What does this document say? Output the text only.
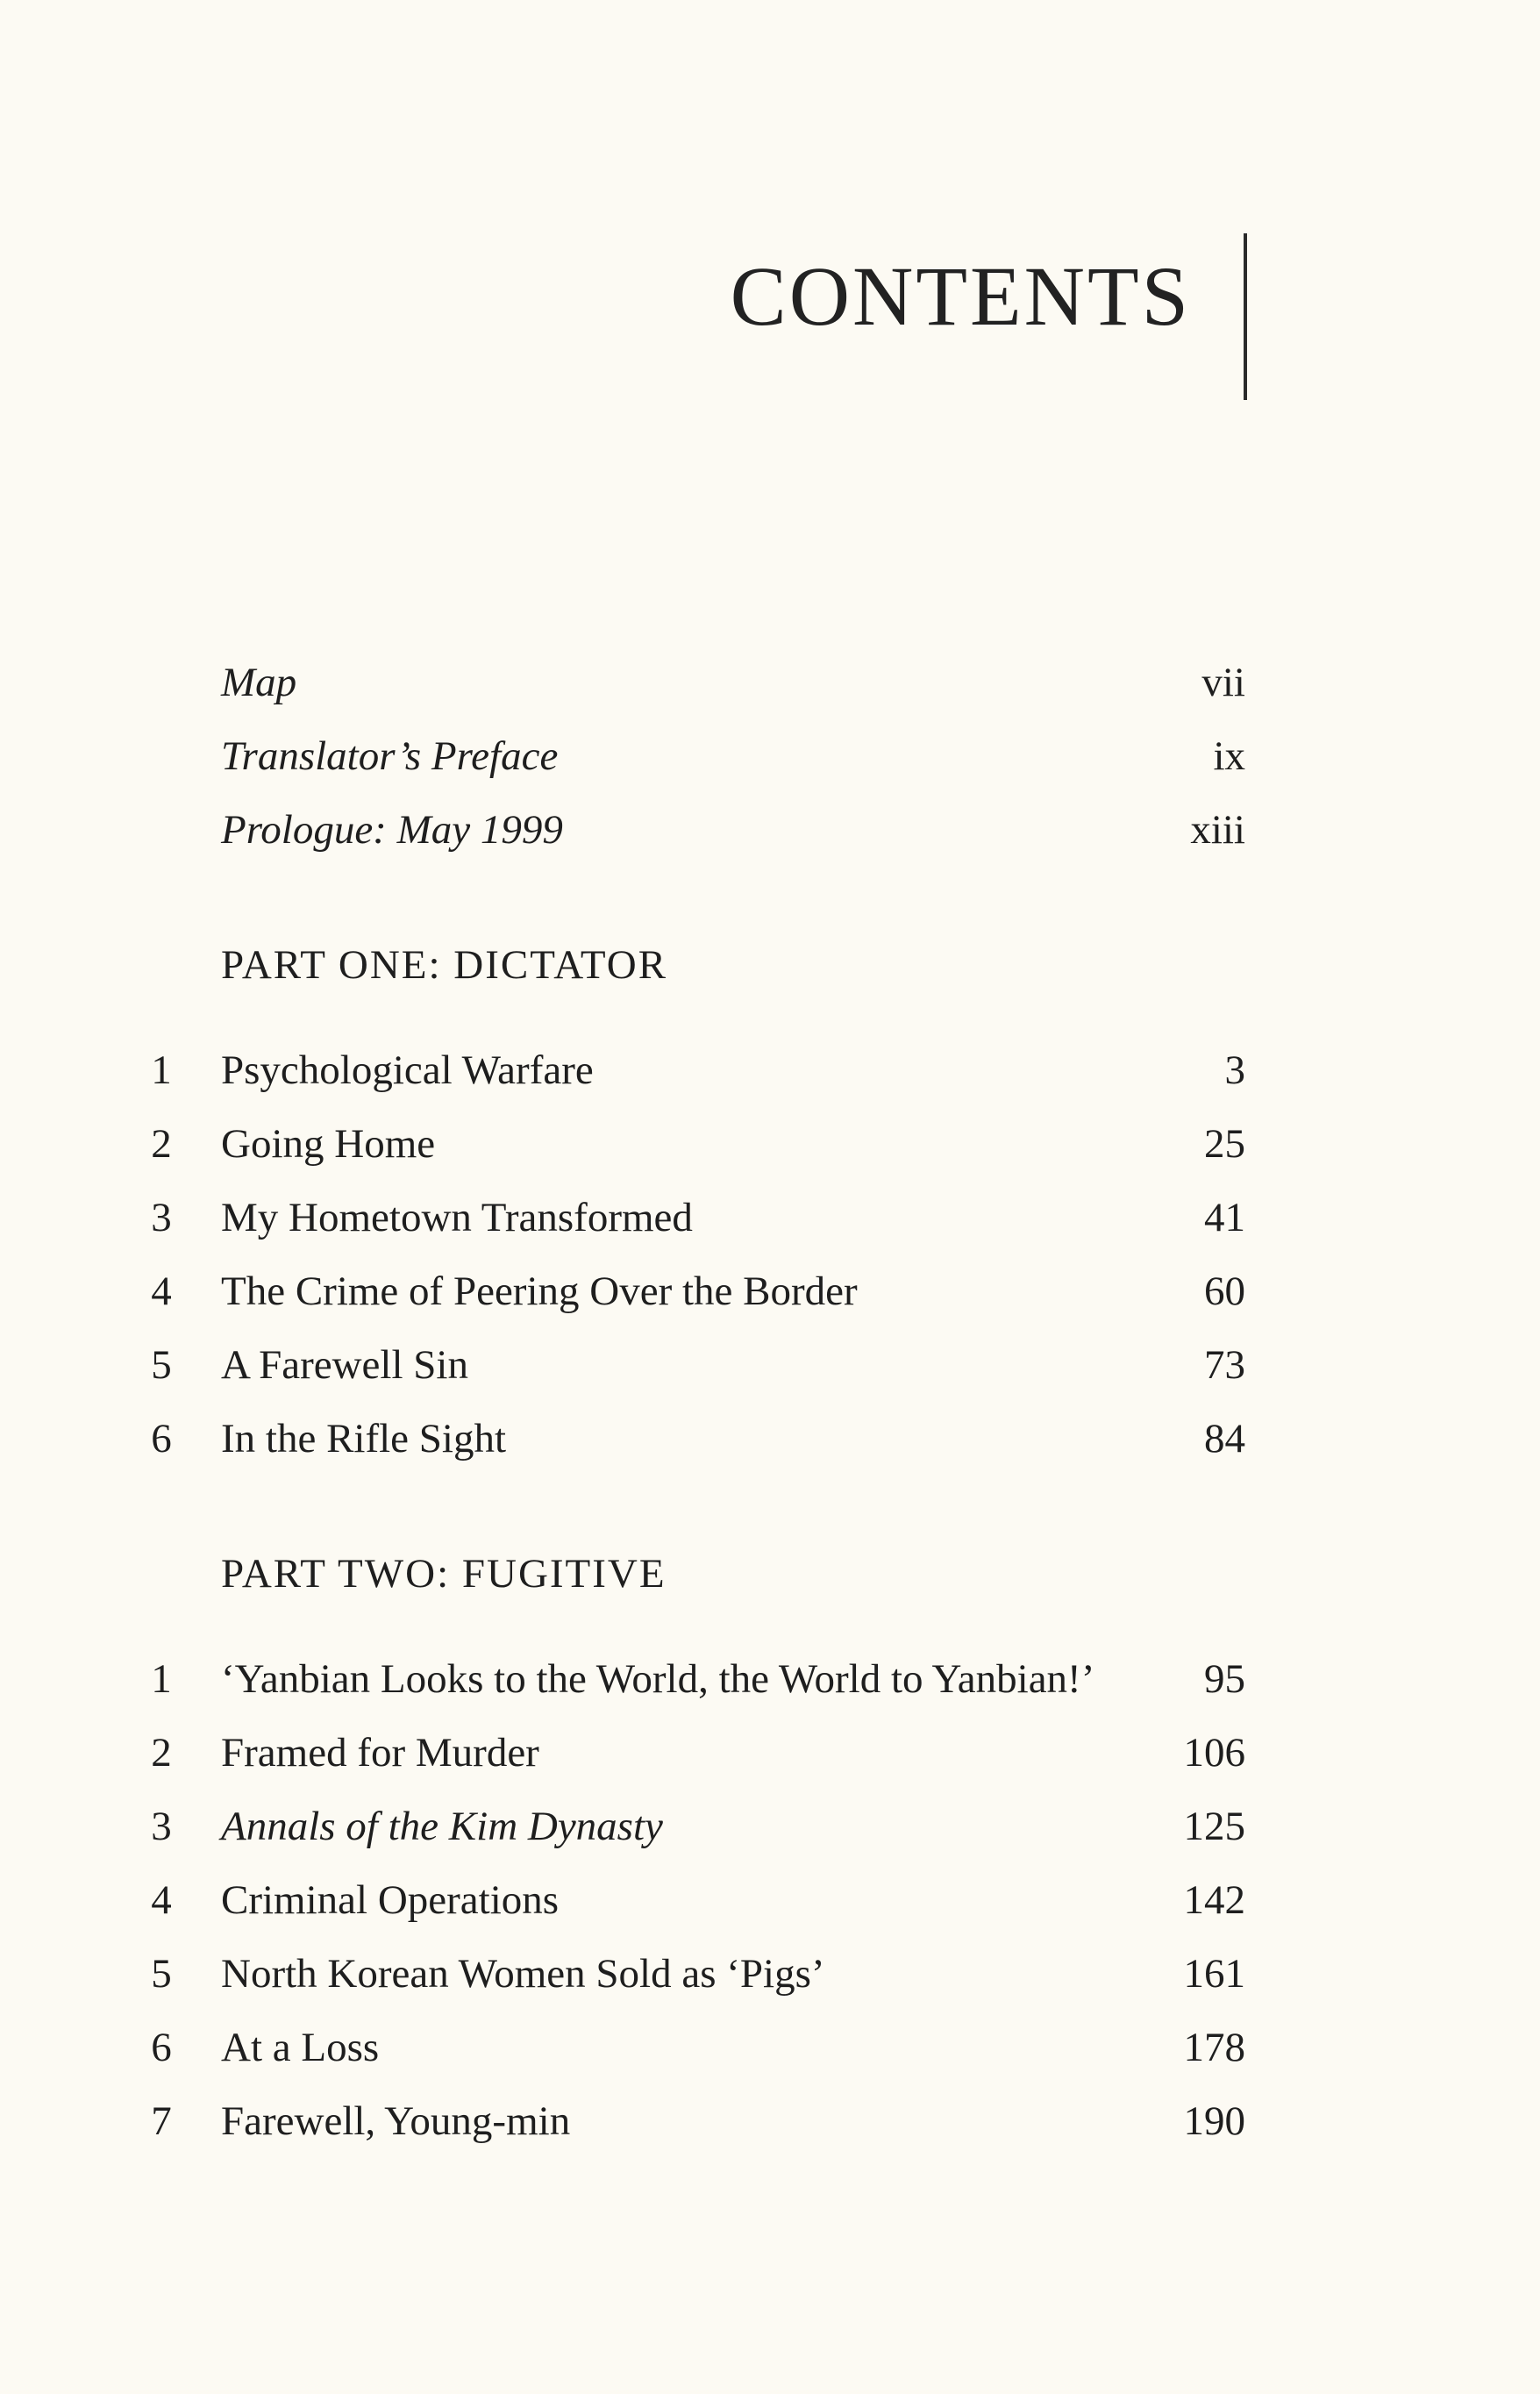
CONTENTS
Map	vii
Translator’s Preface	ix
Prologue: May 1999	xiii
PART ONE: DICTATOR
1 Psychological Warfare	3
2 Going Home	25
3 My Hometown Transformed	41
4 The Crime of Peering Over the Border	60
5 A Farewell Sin	73
6 In the Rifle Sight	84
PART TWO: FUGITIVE
1 ‘Yanbian Looks to the World, the World to Yanbian!’	95
2 Framed for Murder	106
3 Annals of the Kim Dynasty	125
4 Criminal Operations	142
5 North Korean Women Sold as ‘Pigs’	161
6 At a Loss	178
7 Farewell, Young-min	190
